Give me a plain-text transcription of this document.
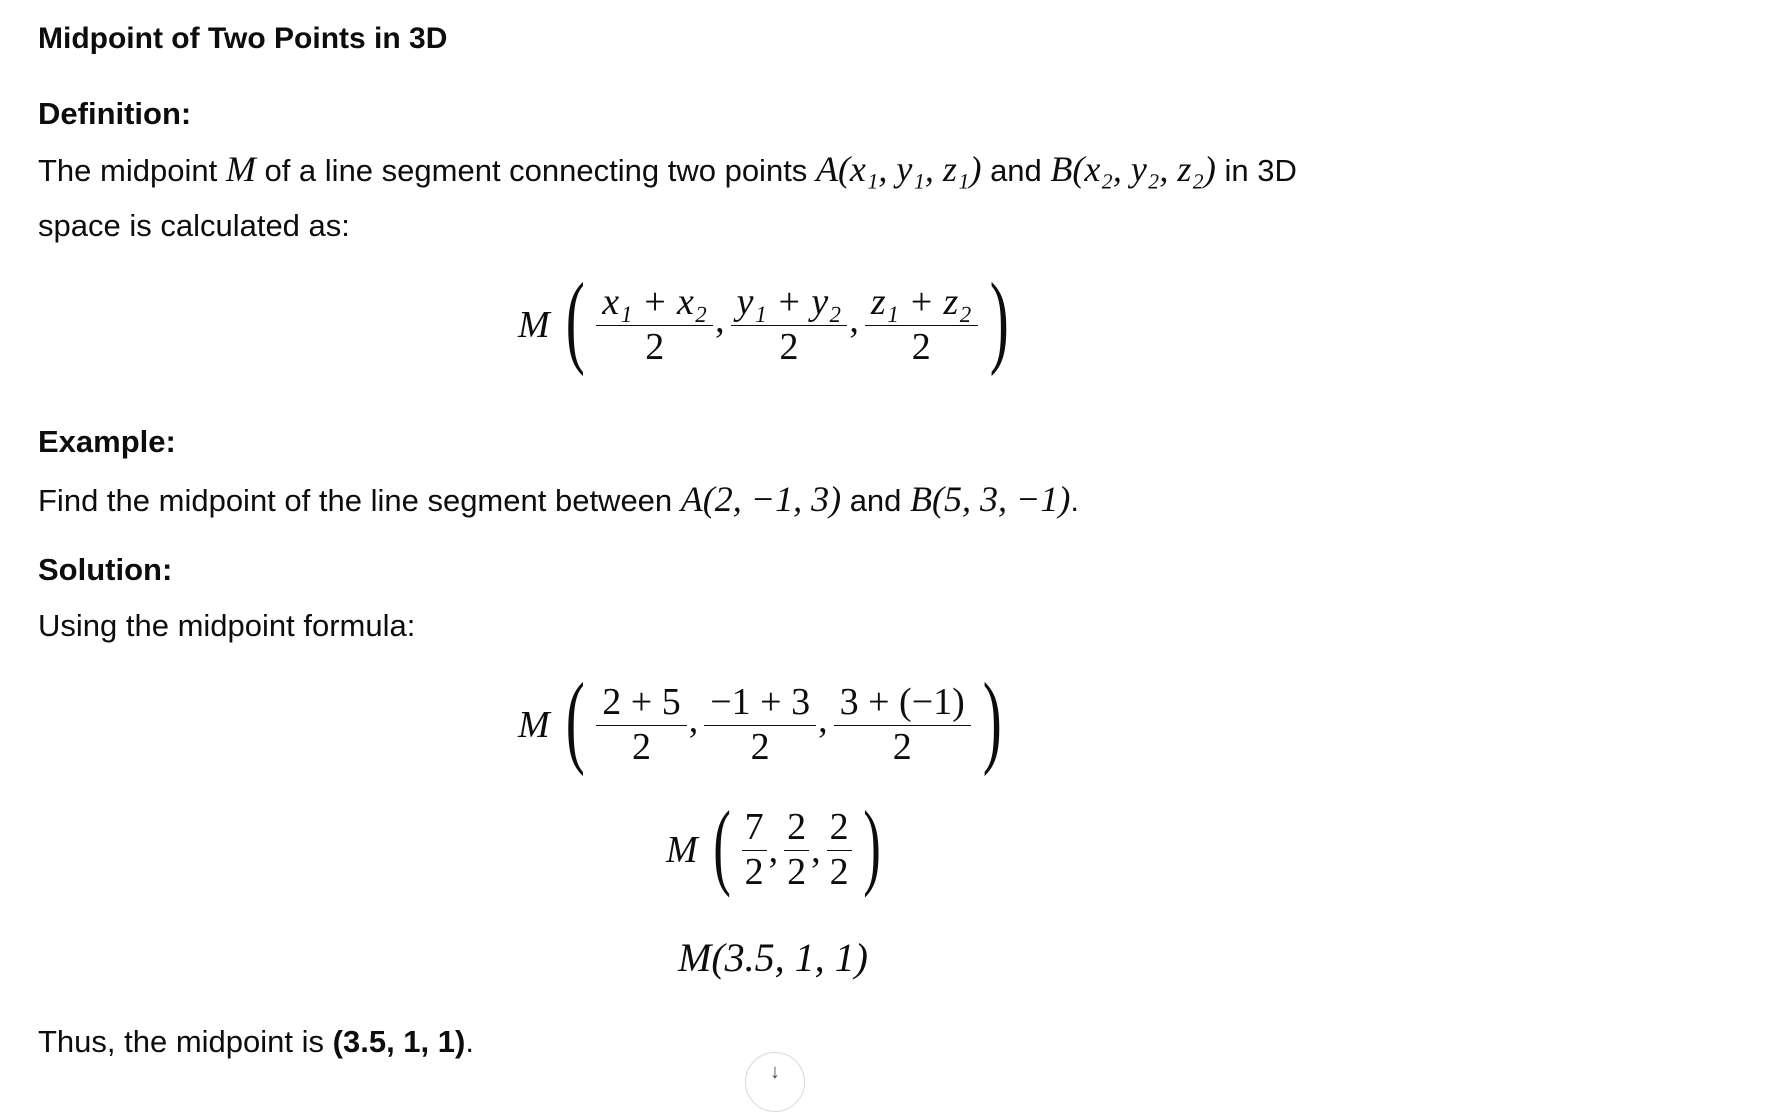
Midpoint of Two Points in 3D
Definition:
The midpoint M of a line segment connecting two points A(x₁, y₁, z₁) and B(x₂, y₂, z₂) in 3D
space is calculated as:
M ( $\frac{\text{x₁ + x₂}}{2}$ , $\frac{\text{y₁ + y₂}}{2}$ , $\frac{\text{z₁ + z₂}}{2}$ )
Example:
Find the midpoint of the line segment between A(2, −1, 3) and B(5, 3, −1).
Solution:
Using the midpoint formula:
M ( $\frac{2 + 5}{2}$ , $\frac{-1 + 3}{2}$ , $\frac{3 + (-1)}{2}$ )
M ( $\frac{7}{2}$ , $\frac{2}{2}$ , $\frac{2}{2}$ )
M(3.5, 1, 1)
Thus, the midpoint is (3.5, 1, 1).
↓
